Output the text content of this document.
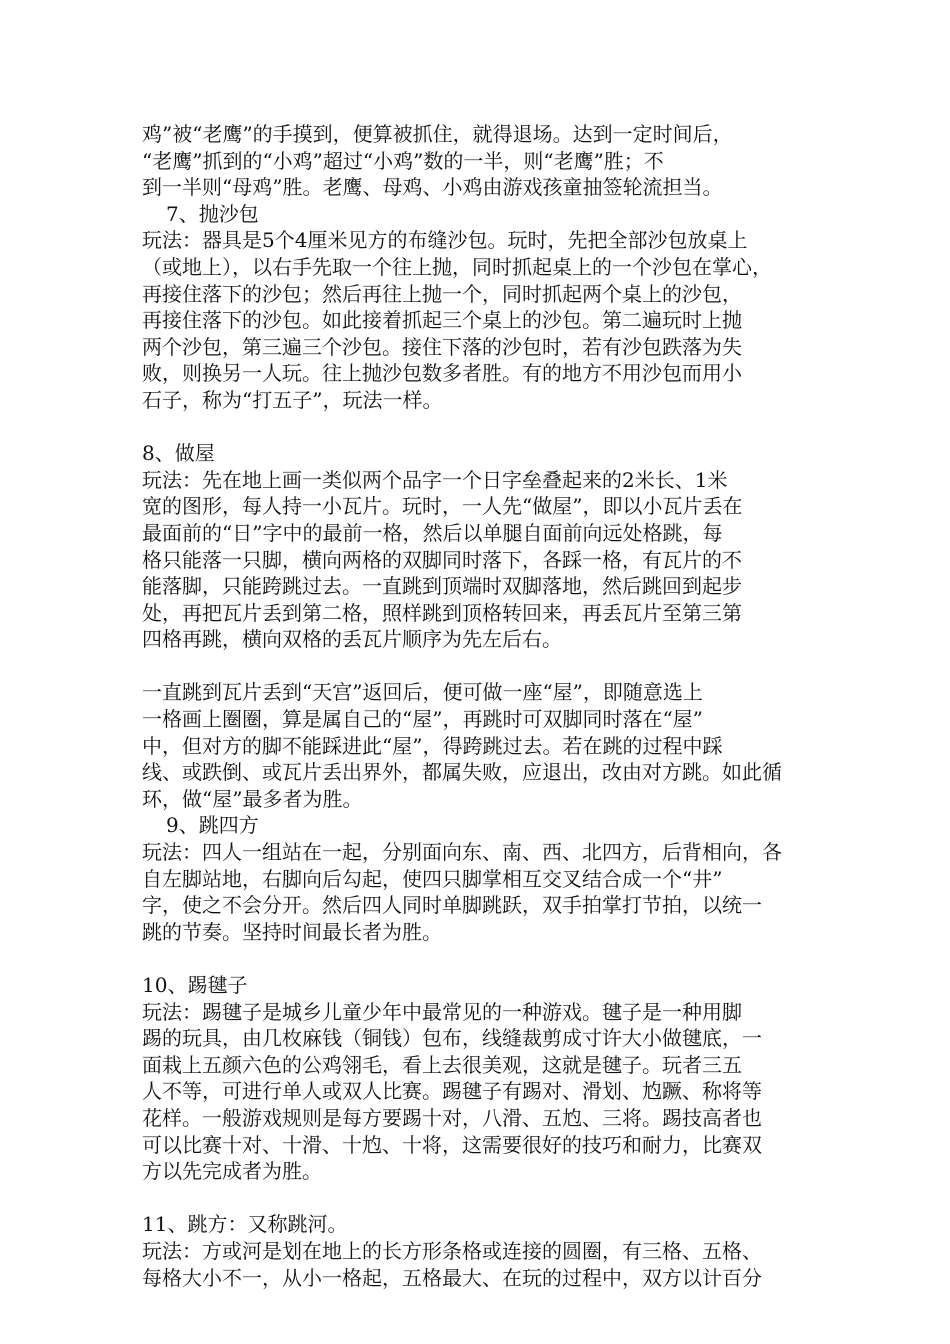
鸡”被“老鹰”的手摸到，便算被抓住，就得退场。达到一定时间后，
“老鹰”抓到的“小鸡”超过“小鸡”数的一半，则“老鹰”胜；不
到一半则“母鸡”胜。老鹰、母鸡、小鸡由游戏孩童抽签轮流担当。
7、抛沙包
玩法：器具是5个4厘米见方的布缝沙包。玩时，先把全部沙包放桌上
（或地上），以右手先取一个往上抛，同时抓起桌上的一个沙包在掌心，
再接住落下的沙包；然后再往上抛一个，同时抓起两个桌上的沙包，
再接住落下的沙包。如此接着抓起三个桌上的沙包。第二遍玩时上抛
两个沙包，第三遍三个沙包。接住下落的沙包时，若有沙包跌落为失
败，则换另一人玩。往上抛沙包数多者胜。有的地方不用沙包而用小
石子，称为“打五子”，玩法一样。
8、做屋
玩法：先在地上画一类似两个品字一个日字垒叠起来的2米长、1米
宽的图形，每人持一小瓦片。玩时，一人先“做屋”，即以小瓦片丢在
最面前的“日”字中的最前一格，然后以单腿自面前向远处格跳，每
格只能落一只脚，横向两格的双脚同时落下，各踩一格，有瓦片的不
能落脚，只能跨跳过去。一直跳到顶端时双脚落地，然后跳回到起步
处，再把瓦片丢到第二格，照样跳到顶格转回来，再丢瓦片至第三第
四格再跳，横向双格的丢瓦片顺序为先左后右。
一直跳到瓦片丢到“天宫”返回后，便可做一座“屋”，即随意选上
一格画上圈圈，算是属自己的“屋”，再跳时可双脚同时落在“屋”
中，但对方的脚不能踩进此“屋”，得跨跳过去。若在跳的过程中踩
线、或跌倒、或瓦片丢出界外，都属失败，应退出，改由对方跳。如此循
环，做“屋”最多者为胜。
9、跳四方
玩法：四人一组站在一起，分别面向东、南、西、北四方，后背相向，各
自左脚站地，右脚向后勾起，使四只脚掌相互交叉结合成一个“井”
字，使之不会分开。然后四人同时单脚跳跃，双手拍掌打节拍，以统一
跳的节奏。坚持时间最长者为胜。
10、踢毽子
玩法：踢毽子是城乡儿童少年中最常见的一种游戏。毽子是一种用脚
踢的玩具，由几枚麻钱（铜钱）包布，线缝裁剪成寸许大小做毽底，一
面栽上五颜六色的公鸡翎毛，看上去很美观，这就是毽子。玩者三五
人不等，可进行单人或双人比赛。踢毽子有踢对、滑划、尥蹶、称将等
花样。一般游戏规则是每方要踢十对，八滑、五尥、三将。踢技高者也
可以比赛十对、十滑、十尥、十将，这需要很好的技巧和耐力，比赛双
方以先完成者为胜。
11、跳方：又称跳河。
玩法：方或河是划在地上的长方形条格或连接的圆圈，有三格、五格、
每格大小不一，从小一格起，五格最大、在玩的过程中，双方以计百分
